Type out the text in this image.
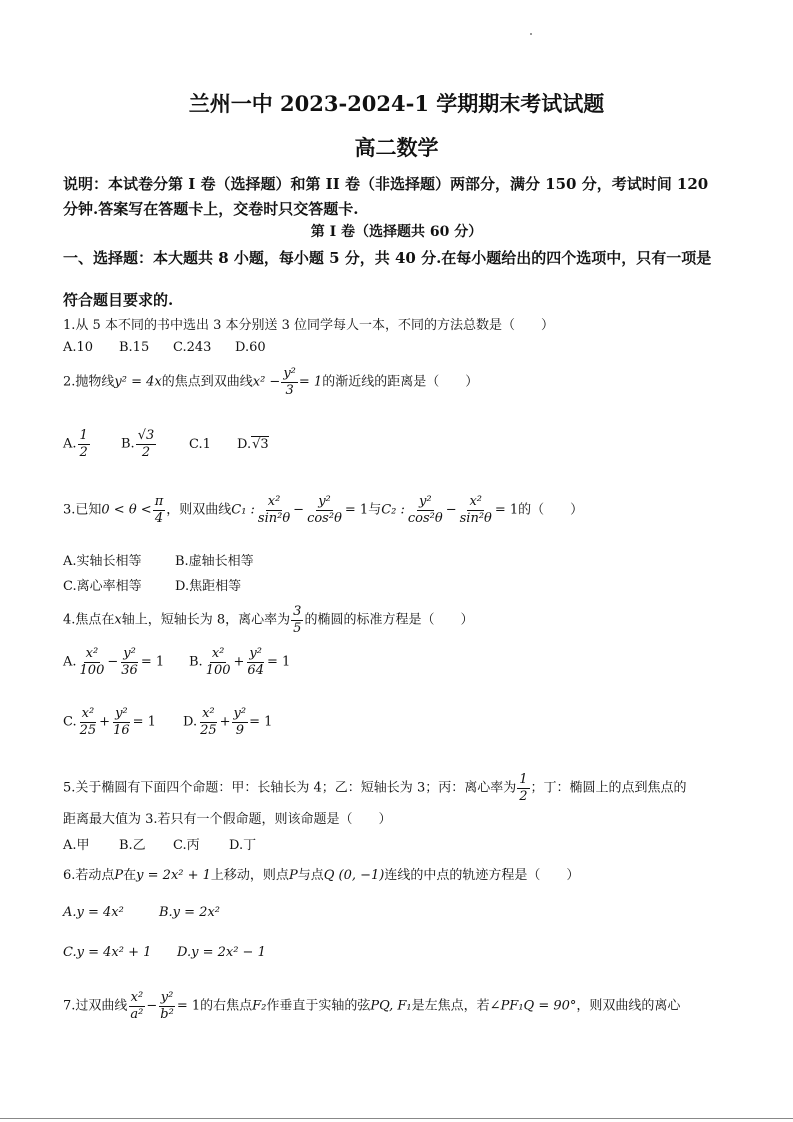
兰州一中 2023-2024-1 学期期末考试试题
高二数学
说明：本试卷分第 I 卷（选择题）和第 II 卷（非选择题）两部分，满分 150 分，考试时间 120
分钟.答案写在答题卡上，交卷时只交答题卡.
第 I 卷（选择题共 60 分）
一、选择题：本大题共 8 小题，每小题 5 分，共 40 分.在每小题给出的四个选项中，只有一项是
符合题目要求的.
1.从 5 本不同的书中选出 3 本分别送 3 位同学每人一本，不同的方法总数是（　　）
A.10 B.15 C.243 D.60
2.抛物线y² = 4x的焦点到双曲线$x^2 - \frac{\text{y²}}{3} = 1$的渐近线的距离是（　　）
A. $\frac{1}{2} B$. $\frac{√3}{2}$	C.1 D.√3
3.已知$0 < \theta < \frac{\pi}{4}$ ，则双曲线C₁ : $\frac{\text{x²}}{\text{sin²θ}} - \frac{\text{y²}}{\text{cos²θ}} = 1$与C₂ : $\frac{\text{y²}}{\text{cos²θ}} - \frac{\text{x²}}{\text{sin²θ}} = 1$的（　　）
A.实轴长相等	B.虚轴长相等
C.离心率相等	D.焦距相等
4.焦点在x轴上，短轴长为 8，离心率为 $\frac{3}{5}$ 的椭圆的标准方程是（　　）
A. $\frac{\text{x²}}{100} - \frac{\text{y²}}{36} = 1$ B. $\frac{\text{x²}}{100} + \frac{\text{y²}}{64} = 1$
C. $\frac{\text{x²}}{25} + \frac{\text{y²}}{16} = 1$ D. $\frac{\text{x²}}{25} + \frac{\text{y²}}{9} = 1$
5.关于椭圆有下面四个命题：甲：长轴长为 4；乙：短轴长为 3；丙：离心率为 $\frac{1}{2}$ ；丁：椭圆上的点到焦点的
距离最大值为 3.若只有一个假命题，则该命题是（　　）
A.甲 B.乙 C.丙 D.丁
6.若动点P在y = 2x² + 1上移动，则点P与点Q (0, −1)连线的中点的轨迹方程是（　　）
A.y = 4x²	B.y = 2x²
C.y = 4x² + 1 D.y = 2x² − 1
7.过双曲线 $\frac{\text{x²}}{\text{a²}} - \frac{\text{y²}}{\text{b²}} = 1$的右焦点F₂作垂直于实轴的弦PQ, F₁是左焦点，若∠PF₁Q = 90°，则双曲线的离心
